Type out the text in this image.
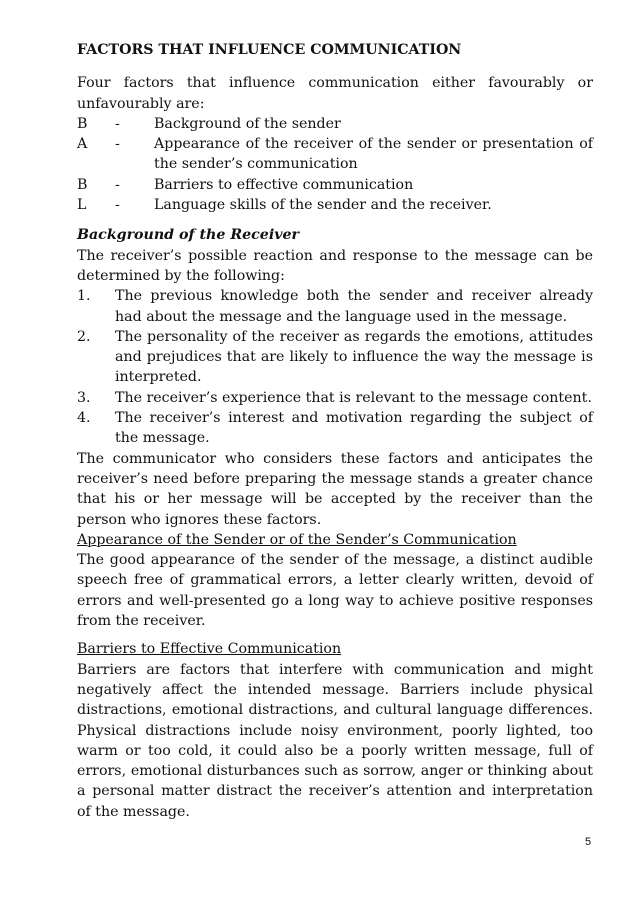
FACTORS THAT INFLUENCE COMMUNICATION
Four factors that influence communication either favourably or unfavourably are:
B	-	Background of the sender
A	-	Appearance of the receiver of the sender or presentation of the sender’s communication
B	-	Barriers to effective communication
L	-	Language skills of the sender and the receiver.
Background of the Receiver
The receiver’s possible reaction and response to the message can be determined by the following:
1.	The previous knowledge both the sender and receiver already had about the message and the language used in the message.
2.	The personality of the receiver as regards the emotions, attitudes and prejudices that are likely to influence the way the message is interpreted.
3.	The receiver’s experience that is relevant to the message content.
4.	The receiver’s interest and motivation regarding the subject of the message.
The communicator who considers these factors and anticipates the receiver’s need before preparing the message stands a greater chance that his or her message will be accepted by the receiver than the person who ignores these factors.
Appearance of the Sender or of the Sender’s Communication
The good appearance of the sender of the message, a distinct audible speech free of grammatical errors, a letter clearly written, devoid of errors and well-presented go a long way to achieve positive responses from the receiver.
Barriers to Effective Communication
Barriers are factors that interfere with communication and might negatively affect the intended message. Barriers include physical distractions, emotional distractions, and cultural language differences. Physical distractions include noisy environment, poorly lighted, too warm or too cold, it could also be a poorly written message, full of errors, emotional disturbances such as sorrow, anger or thinking about a personal matter distract the receiver’s attention and interpretation of the message.
5
